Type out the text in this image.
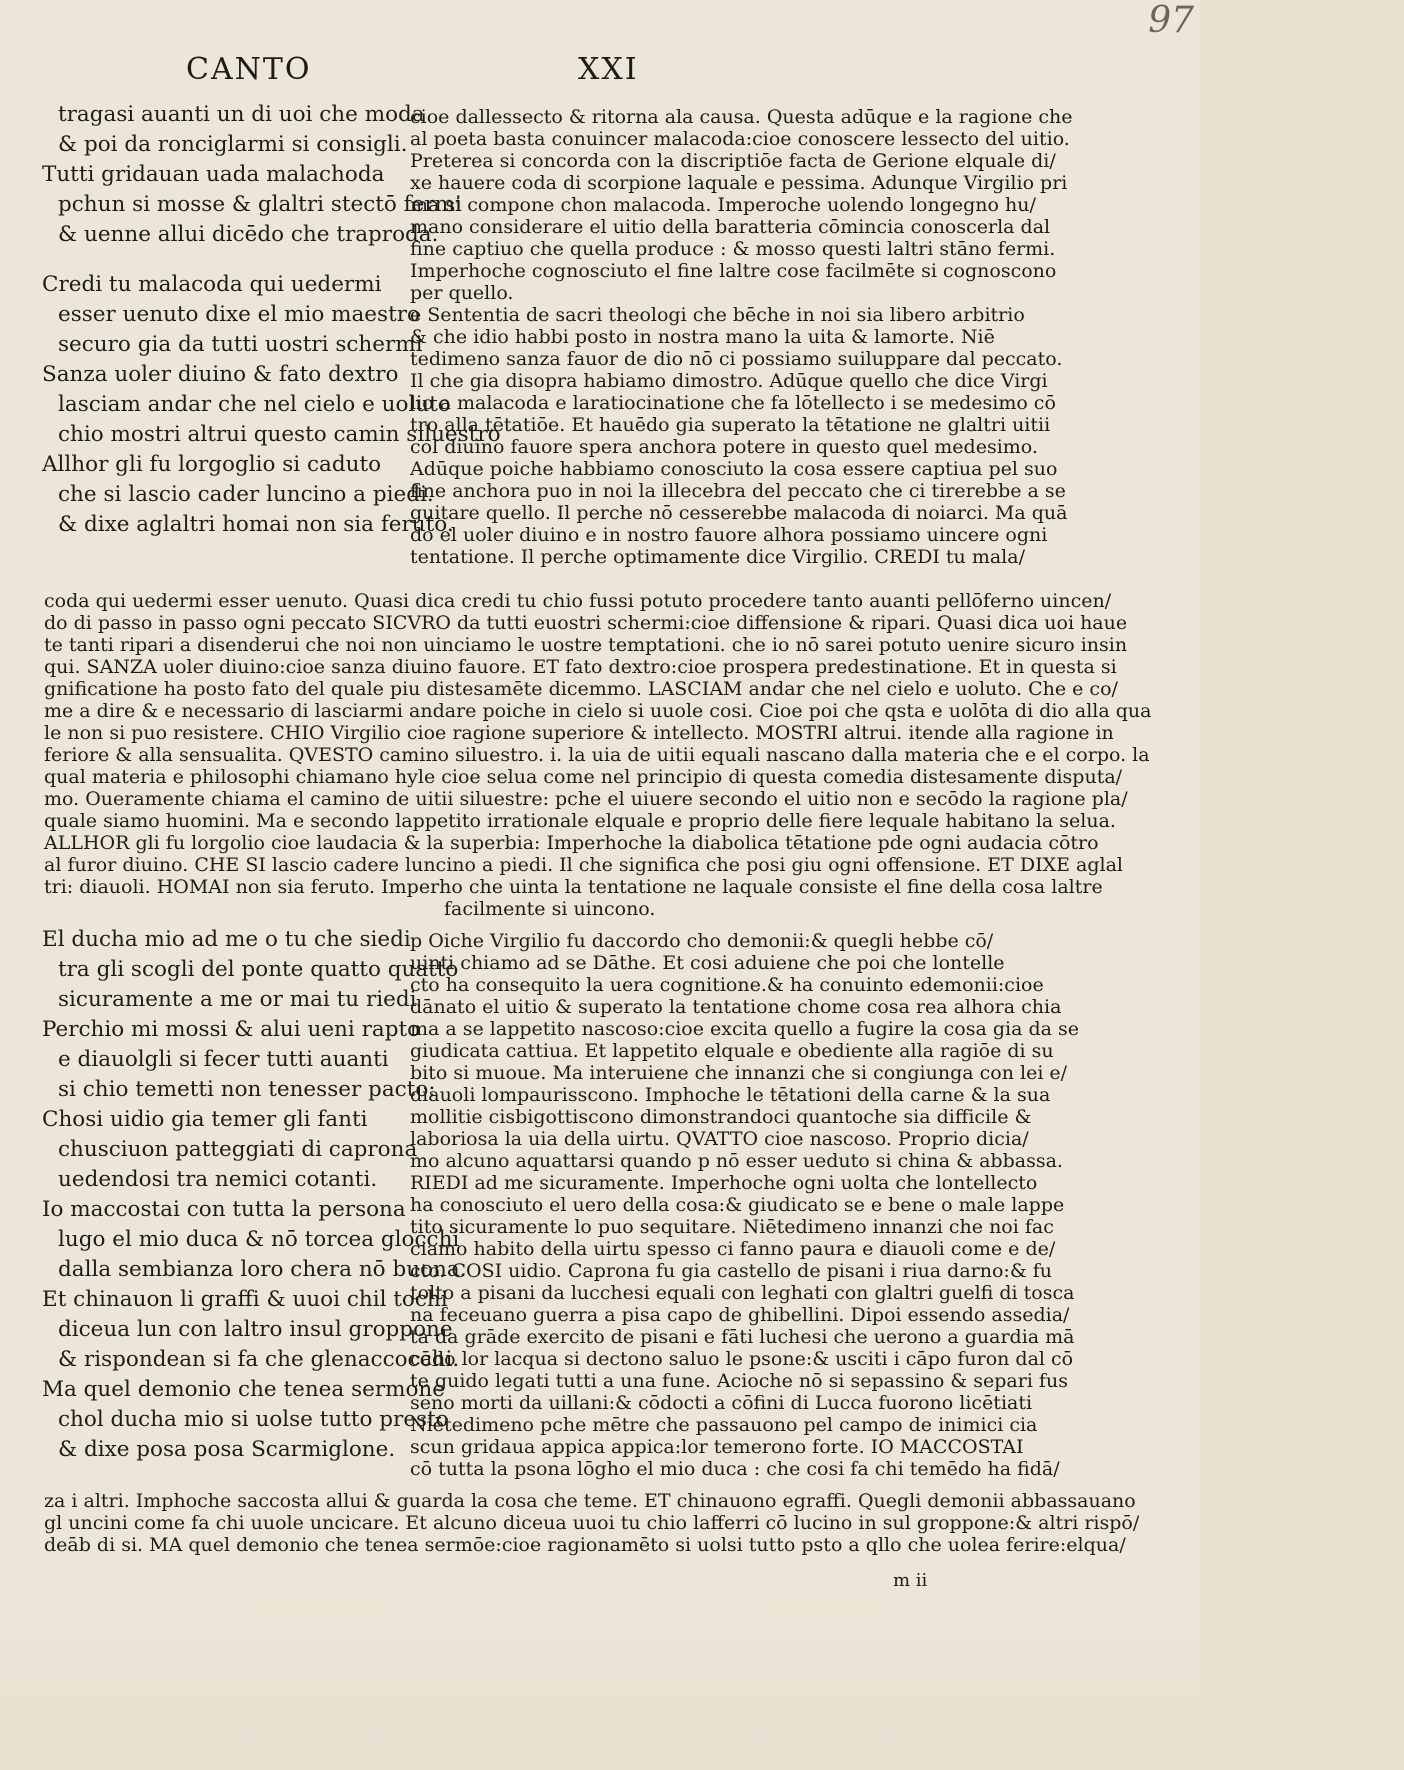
97
CANTO	XXI
tragasi auanti un di uoi che moda
& poi da ronciglarmi si consigli.
Tutti gridauan uada malachoda
pchun si mosse & glaltri stectō fermi
& uenne allui dicēdo che traproda.
Credi tu malacoda qui uedermi
esser uenuto dixe el mio maestro
securo gia da tutti uostri schermi
Sanza uoler diuino & fato dextro
lasciam andar che nel cielo e uoluto
chio mostri altrui questo camin siluestro
Allhor gli fu lorgoglio si caduto
che si lascio cader luncino a piedi.
& dixe aglaltri homai non sia feruto.
cioe dallessecto & ritorna ala causa. Questa adūque e la ragione che
al poeta basta conuincer malacoda:cioe conoscere lessecto del uitio.
Preterea si concorda con la discriptiōe facta de Gerione elquale di/
xe hauere coda di scorpione laquale e pessima. Adunque Virgilio pri
ma si compone chon malacoda. Imperoche uolendo longegno hu/
mano considerare el uitio della baratteria cōmincia conoscerla dal
fine captiuo che quella produce : & mosso questi laltri stāno fermi.
Imperhoche cognosciuto el fine laltre cose facilmēte si cognoscono
per quello.
e Sententia de sacri theologi che bēche in noi sia libero arbitrio
& che idio habbi posto in nostra mano la uita & lamorte. Niē
tedimeno sanza fauor de dio nō ci possiamo suiluppare dal peccato.
Il che gia disopra habiamo dimostro. Adūque quello che dice Virgi
lio a malacoda e laratiocinatione che fa lōtellecto i se medesimo cō
tro alla tētatiōe. Et hauēdo gia superato la tētatione ne glaltri uitii
col diuino fauore spera anchora potere in questo quel medesimo.
Adūque poiche habbiamo conosciuto la cosa essere captiua pel suo
fine anchora puo in noi la illecebra del peccato che ci tirerebbe a se
guitare quello. Il perche nō cesserebbe malacoda di noiarci. Ma quā
do el uoler diuino e in nostro fauore alhora possiamo uincere ogni
tentatione. Il perche optimamente dice Virgilio. CREDI tu mala/
coda qui uedermi esser uenuto. Quasi dica credi tu chio fussi potuto procedere tanto auanti pellōferno uincen/
do di passo in passo ogni peccato SICVRO da tutti euostri schermi:cioe diffensione & ripari. Quasi dica uoi haue
te tanti ripari a disenderui che noi non uinciamo le uostre temptationi. che io nō sarei potuto uenire sicuro insin
qui. SANZA uoler diuino:cioe sanza diuino fauore. ET fato dextro:cioe prospera predestinatione. Et in questa si
gnificatione ha posto fato del quale piu distesamēte dicemmo. LASCIAM andar che nel cielo e uoluto. Che e co/
me a dire & e necessario di lasciarmi andare poiche in cielo si uuole cosi. Cioe poi che qsta e uolōta di dio alla qua
le non si puo resistere. CHIO Virgilio cioe ragione superiore & intellecto. MOSTRI altrui. itende alla ragione in
feriore & alla sensualita. QVESTO camino siluestro. i. la uia de uitii equali nascano dalla materia che e el corpo. la
qual materia e philosophi chiamano hyle cioe selua come nel principio di questa comedia distesamente disputa/
mo. Oueramente chiama el camino de uitii siluestre: pche el uiuere secondo el uitio non e secōdo la ragione pla/
quale siamo huomini. Ma e secondo lappetito irrationale elquale e proprio delle fiere lequale habitano la selua.
ALLHOR gli fu lorgolio cioe laudacia & la superbia: Imperhoche la diabolica tētatione pde ogni audacia cōtro
al furor diuino. CHE SI lascio cadere luncino a piedi. Il che significa che posi giu ogni offensione. ET DIXE aglal
tri: diauoli. HOMAI non sia feruto. Imperho che uinta la tentatione ne laquale consiste el fine della cosa laltre
facilmente si uincono.
El ducha mio ad me o tu che siedi
tra gli scogli del ponte quatto quatto
sicuramente a me or mai tu riedi
Perchio mi mossi & alui ueni rapto
e diauolgli si fecer tutti auanti
si chio temetti non tenesser pacto:
Chosi uidio gia temer gli fanti
chusciuon patteggiati di caprona
uedendosi tra nemici cotanti.
Io maccostai con tutta la persona
lugo el mio duca & nō torcea glocchi
dalla sembianza loro chera nō buona.
Et chinauon li graffi & uuoi chil tochi
diceua lun con laltro insul groppone
& rispondean si fa che glenaccocchi.
Ma quel demonio che tenea sermone
chol ducha mio si uolse tutto presto
& dixe posa posa Scarmiglone.
p Oiche Virgilio fu daccordo cho demonii:& quegli hebbe cō/
uinti chiamo ad se Dāthe. Et cosi aduiene che poi che lontelle
cto ha consequito la uera cognitione.& ha conuinto edemonii:cioe
dānato el uitio & superato la tentatione chome cosa rea alhora chia
ma a se lappetito nascoso:cioe excita quello a fugire la cosa gia da se
giudicata cattiua. Et lappetito elquale e obediente alla ragiōe di su
bito si muoue. Ma interuiene che innanzi che si congiunga con lei e/
diauoli lompaurisscono. Imphoche le tētationi della carne & la sua
mollitie cisbigottiscono dimonstrandoci quantoche sia difficile &
laboriosa la uia della uirtu. QVATTO cioe nascoso. Proprio dicia/
mo alcuno aquattarsi quando p nō esser ueduto si china & abbassa.
RIEDI ad me sicuramente. Imperhoche ogni uolta che lontellecto
ha conosciuto el uero della cosa:& giudicato se e bene o male lappe
tito sicuramente lo puo sequitare. Niētedimeno innanzi che noi fac
ciamo habito della uirtu spesso ci fanno paura e diauoli come e de/
cto. COSI uidio. Caprona fu gia castello de pisani i riua darno:& fu
tolto a pisani da lucchesi equali con leghati con glaltri guelfi di tosca
na feceuano guerra a pisa capo de ghibellini. Dipoi essendo assedia/
ta da grāde exercito de pisani e fāti luchesi che uerono a guardia mā
cādo lor lacqua si dectono saluo le psone:& usciti i cāpo furon dal cō
te guido legati tutti a una fune. Acioche nō si sepassino & separi fus
seno morti da uillani:& cōdocti a cōfini di Lucca fuorono licētiati
Niētedimeno pche mētre che passauono pel campo de inimici cia
scun gridaua appica appica:lor temerono forte. IO MACCOSTAI
cō tutta la psona lōgho el mio duca : che cosi fa chi temēdo ha fidā/
za i altri. Imphoche saccosta allui & guarda la cosa che teme. ET chinauono egraffi. Quegli demonii abbassauano
gl uncini come fa chi uuole uncicare. Et alcuno diceua uuoi tu chio lafferri cō lucino in sul groppone:& altri rispō/
deāb di si. MA quel demonio che tenea sermōe:cioe ragionamēto si uolsi tutto psto a qllo che uolea ferire:elqua/
m ii
